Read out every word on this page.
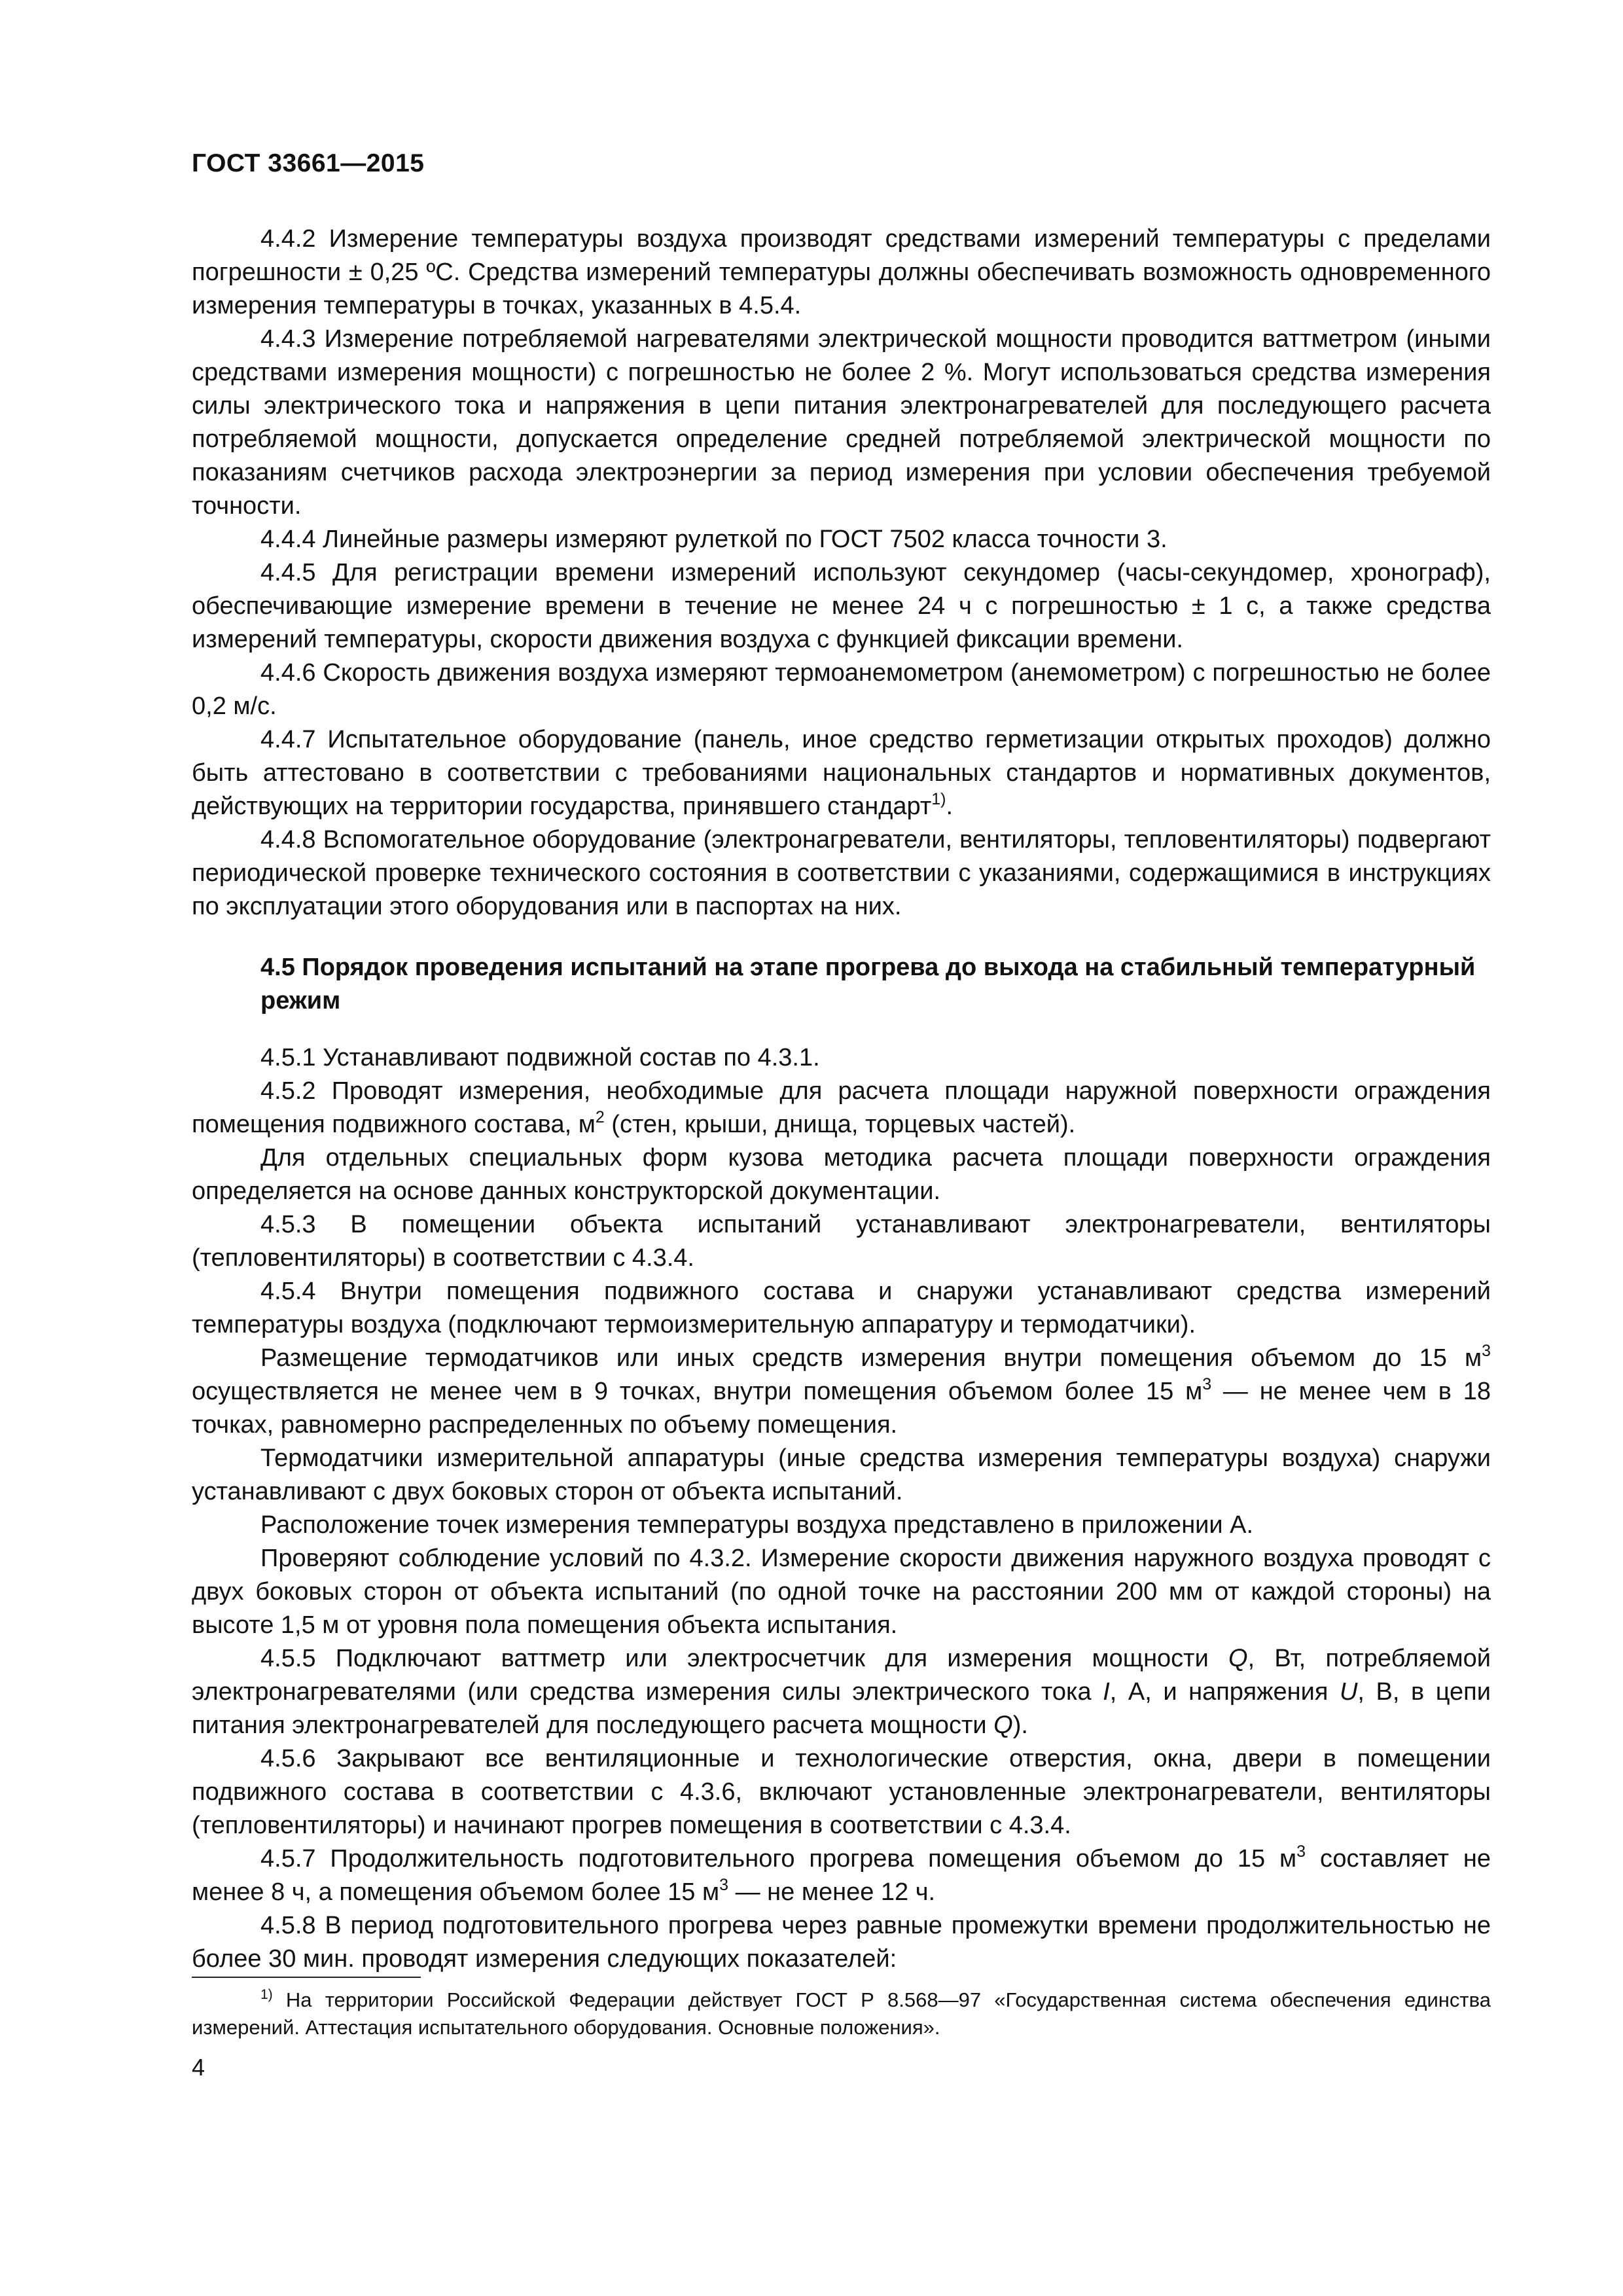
ГОСТ 33661—2015

4.4.2 Измерение температуры воздуха производят средствами измерений температуры с пределами погрешности ± 0,25 ºС. Средства измерений температуры должны обеспечивать возможность одновременного измерения температуры в точках, указанных в 4.5.4.

4.4.3 Измерение потребляемой нагревателями электрической мощности проводится ваттметром (иными средствами измерения мощности) с погрешностью не более 2 %. Могут использоваться средства измерения силы электрического тока и напряжения в цепи питания электронагревателей для последующего расчета потребляемой мощности, допускается определение средней потребляемой электрической мощности по показаниям счетчиков расхода электроэнергии за период измерения при условии обеспечения требуемой точности.

4.4.4 Линейные размеры измеряют рулеткой по ГОСТ 7502 класса точности 3.

4.4.5 Для регистрации времени измерений используют секундомер (часы-секундомер, хронограф), обеспечивающие измерение времени в течение не менее 24 ч с погрешностью ± 1 с, а также средства измерений температуры, скорости движения воздуха с функцией фиксации времени.

4.4.6 Скорость движения воздуха измеряют термоанемометром (анемометром) с погрешностью не более 0,2 м/с.

4.4.7 Испытательное оборудование (панель, иное средство герметизации открытых проходов) должно быть аттестовано в соответствии с требованиями национальных стандартов и нормативных документов, действующих на территории государства, принявшего стандарт$^{1)}$.

4.4.8 Вспомогательное оборудование (электронагреватели, вентиляторы, тепловентиляторы) подвергают периодической проверке технического состояния в соответствии с указаниями, содержащимися в инструкциях по эксплуатации этого оборудования или в паспортах на них.

4.5 Порядок проведения испытаний на этапе прогрева до выхода на стабильный температурный режим

4.5.1 Устанавливают подвижной состав по 4.3.1.

4.5.2 Проводят измерения, необходимые для расчета площади наружной поверхности ограждения помещения подвижного состава, $м^2$ (стен, крыши, днища, торцевых частей).

Для отдельных специальных форм кузова методика расчета площади поверхности ограждения определяется на основе данных конструкторской документации.

4.5.3 В помещении объекта испытаний устанавливают электронагреватели, вентиляторы (тепловентиляторы) в соответствии с 4.3.4.

4.5.4 Внутри помещения подвижного состава и снаружи устанавливают средства измерений температуры воздуха (подключают термоизмерительную аппаратуру и термодатчики).

Размещение термодатчиков или иных средств измерения внутри помещения объемом до 15 $м^3$ осуществляется не менее чем в 9 точках, внутри помещения объемом более 15 $м^3$ — не менее чем в 18 точках, равномерно распределенных по объему помещения.

Термодатчики измерительной аппаратуры (иные средства измерения температуры воздуха) снаружи устанавливают с двух боковых сторон от объекта испытаний.

Расположение точек измерения температуры воздуха представлено в приложении А.

Проверяют соблюдение условий по 4.3.2. Измерение скорости движения наружного воздуха проводят с двух боковых сторон от объекта испытаний (по одной точке на расстоянии 200 мм от каждой стороны) на высоте 1,5 м от уровня пола помещения объекта испытания.

4.5.5 Подключают ваттметр или электросчетчик для измерения мощности Q, Вт, потребляемой электронагревателями (или средства измерения силы электрического тока I, А, и напряжения U, В, в цепи питания электронагревателей для последующего расчета мощности Q).

4.5.6 Закрывают все вентиляционные и технологические отверстия, окна, двери в помещении подвижного состава в соответствии с 4.3.6, включают установленные электронагреватели, вентиляторы (тепловентиляторы) и начинают прогрев помещения в соответствии с 4.3.4.

4.5.7 Продолжительность подготовительного прогрева помещения объемом до 15 $м^3$ составляет не менее 8 ч, а помещения объемом более 15 $м^3$ — не менее 12 ч.

4.5.8 В период подготовительного прогрева через равные промежутки времени продолжительностью не более 30 мин. проводят измерения следующих показателей:

$^{1)}$ На территории Российской Федерации действует ГОСТ Р 8.568—97 «Государственная система обеспечения единства измерений. Аттестация испытательного оборудования. Основные положения».
4
